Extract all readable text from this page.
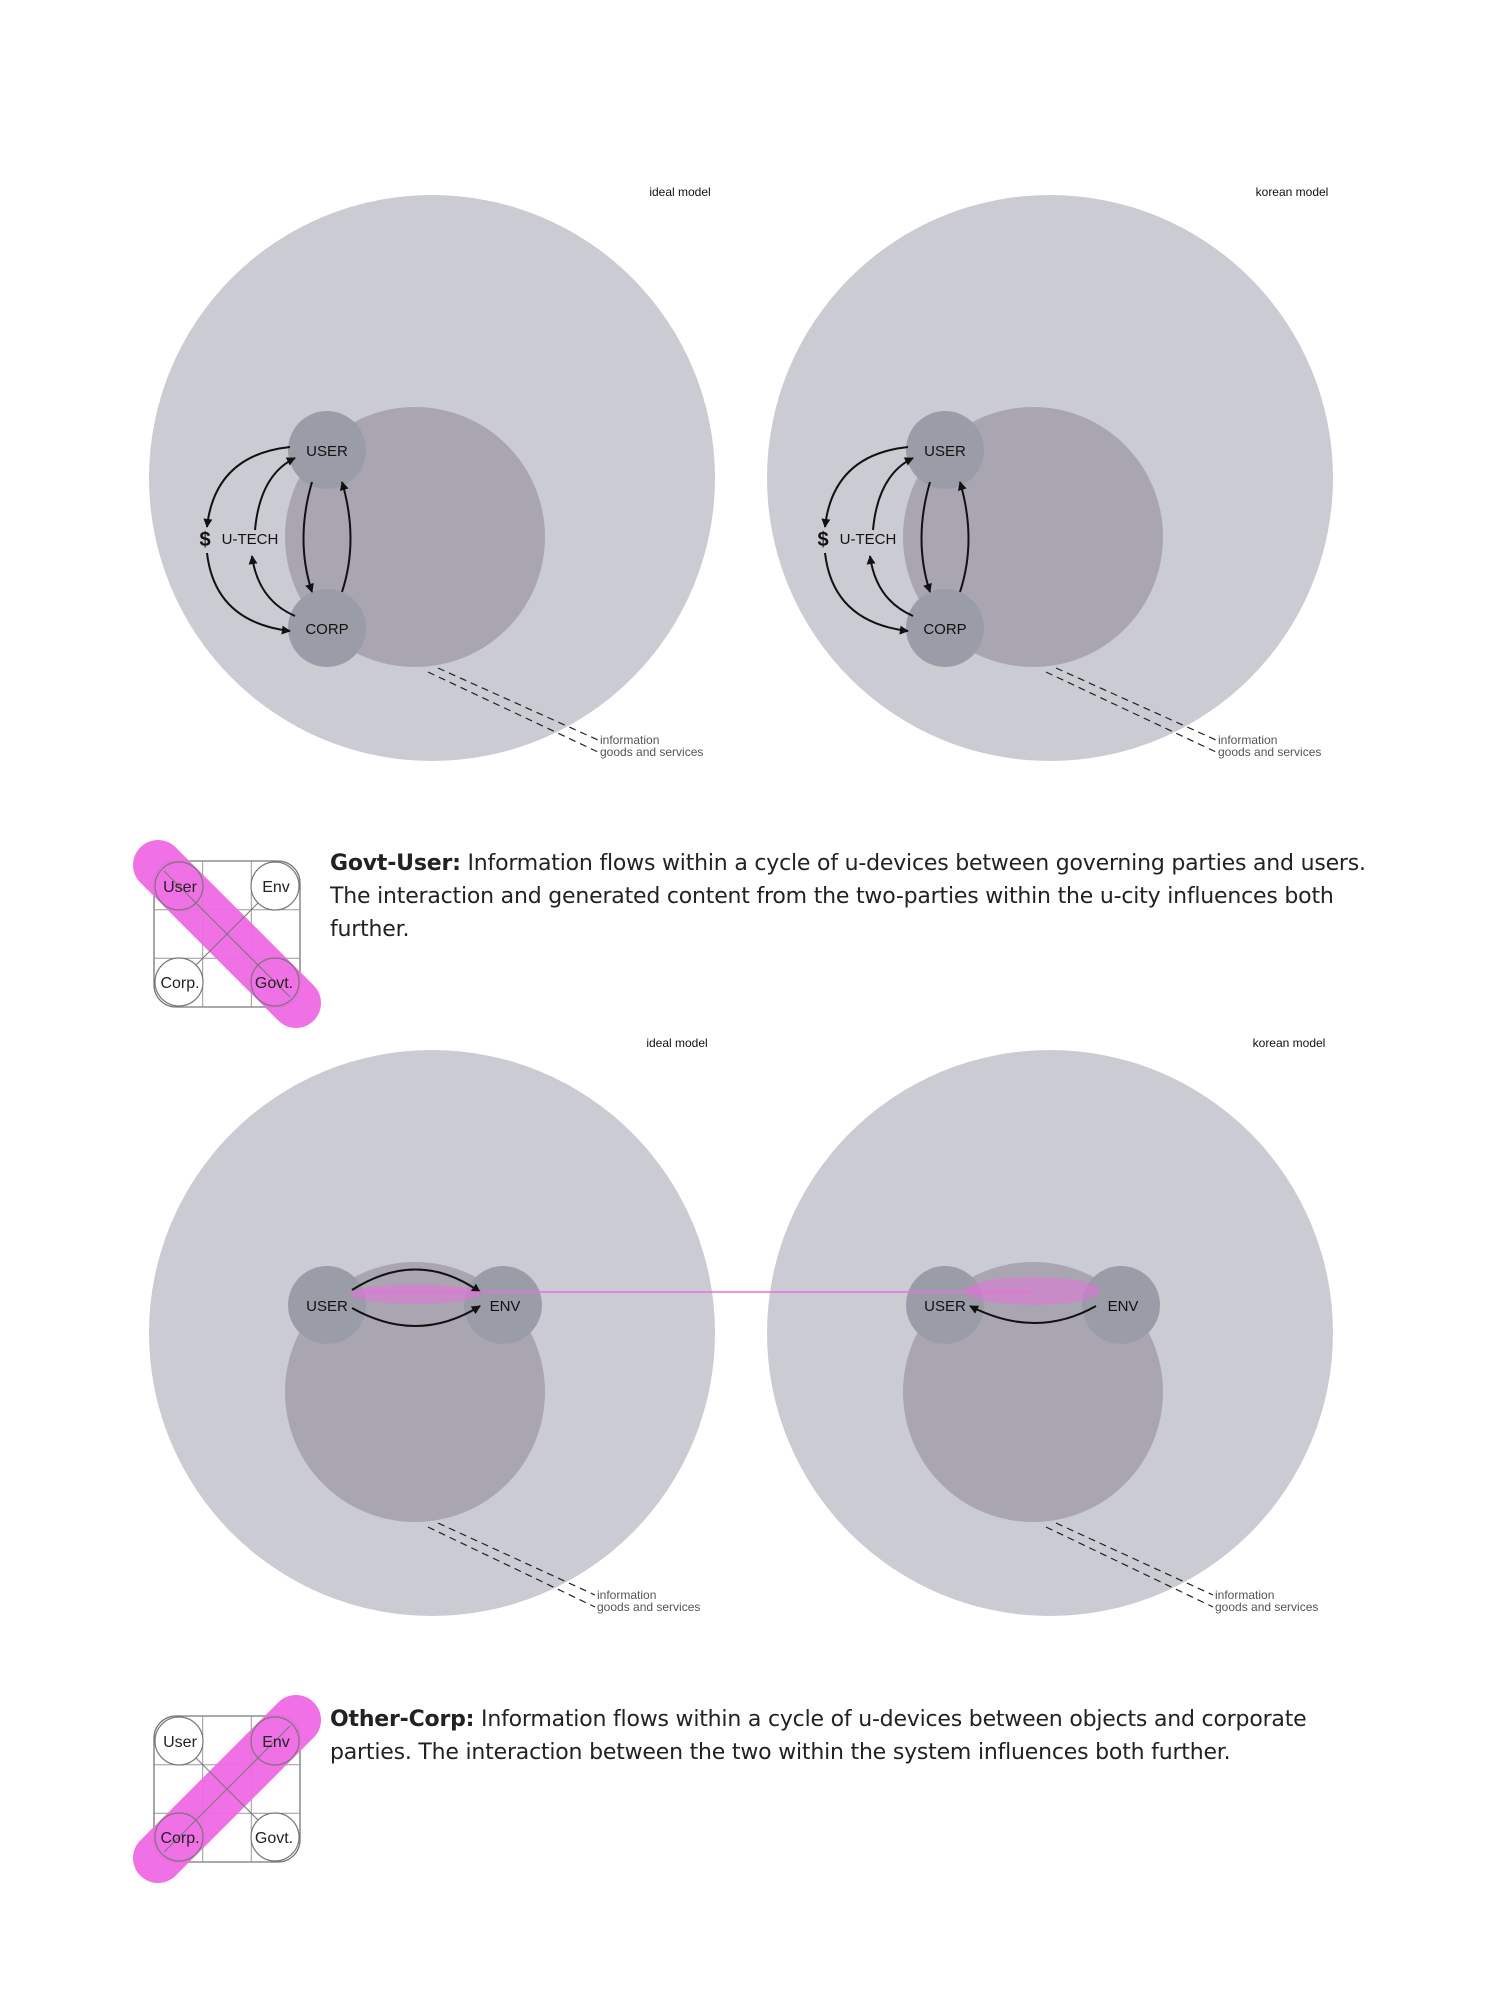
ideal model
USER
CORP
U-TECH
$
information
goods and services
korean model
USER
CORP
U-TECH
$
information
goods and services
User	Env
Corp.	Govt.
ideal model
USER	ENV
information
goods and services
korean model
USER	ENV
information
goods and services
User	Env
Corp.	Govt.
Govt-User: Information flows within a cycle of u-devices between governing parties and users. The interaction and generated content from the two-parties within the u-city influences both further.
Other-Corp: Information flows within a cycle of u-devices between objects and corporate parties. The interaction between the two within the system influences both further.
